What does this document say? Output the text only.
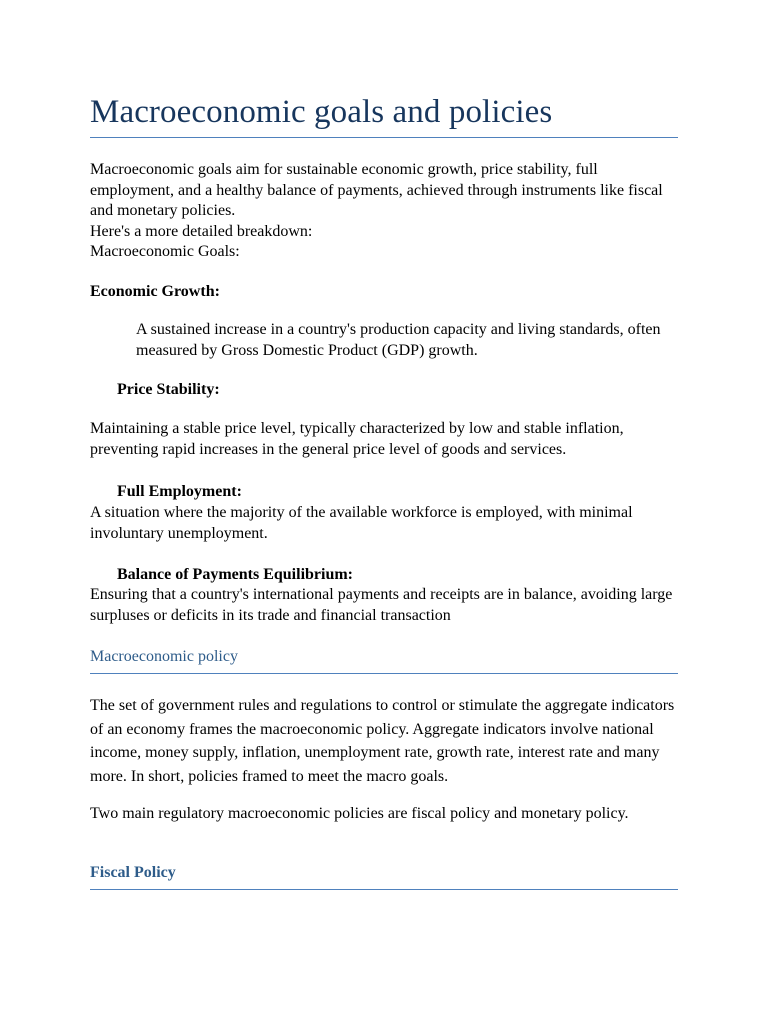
Macroeconomic goals and policies

Macroeconomic goals aim for sustainable economic growth, price stability, full employment, and a healthy balance of payments, achieved through instruments like fiscal and monetary policies.

Here's a more detailed breakdown:

Macroeconomic Goals:

Economic Growth:

A sustained increase in a country's production capacity and living standards, often measured by Gross Domestic Product (GDP) growth.

Price Stability:

Maintaining a stable price level, typically characterized by low and stable inflation, preventing rapid increases in the general price level of goods and services.

Full Employment:

A situation where the majority of the available workforce is employed, with minimal involuntary unemployment.

Balance of Payments Equilibrium:

Ensuring that a country's international payments and receipts are in balance, avoiding large surpluses or deficits in its trade and financial transaction

Macroeconomic policy

The set of government rules and regulations to control or stimulate the aggregate indicators of an economy frames the macroeconomic policy. Aggregate indicators involve national income, money supply, inflation, unemployment rate, growth rate, interest rate and many more. In short, policies framed to meet the macro goals.

Two main regulatory macroeconomic policies are fiscal policy and monetary policy.

Fiscal Policy
